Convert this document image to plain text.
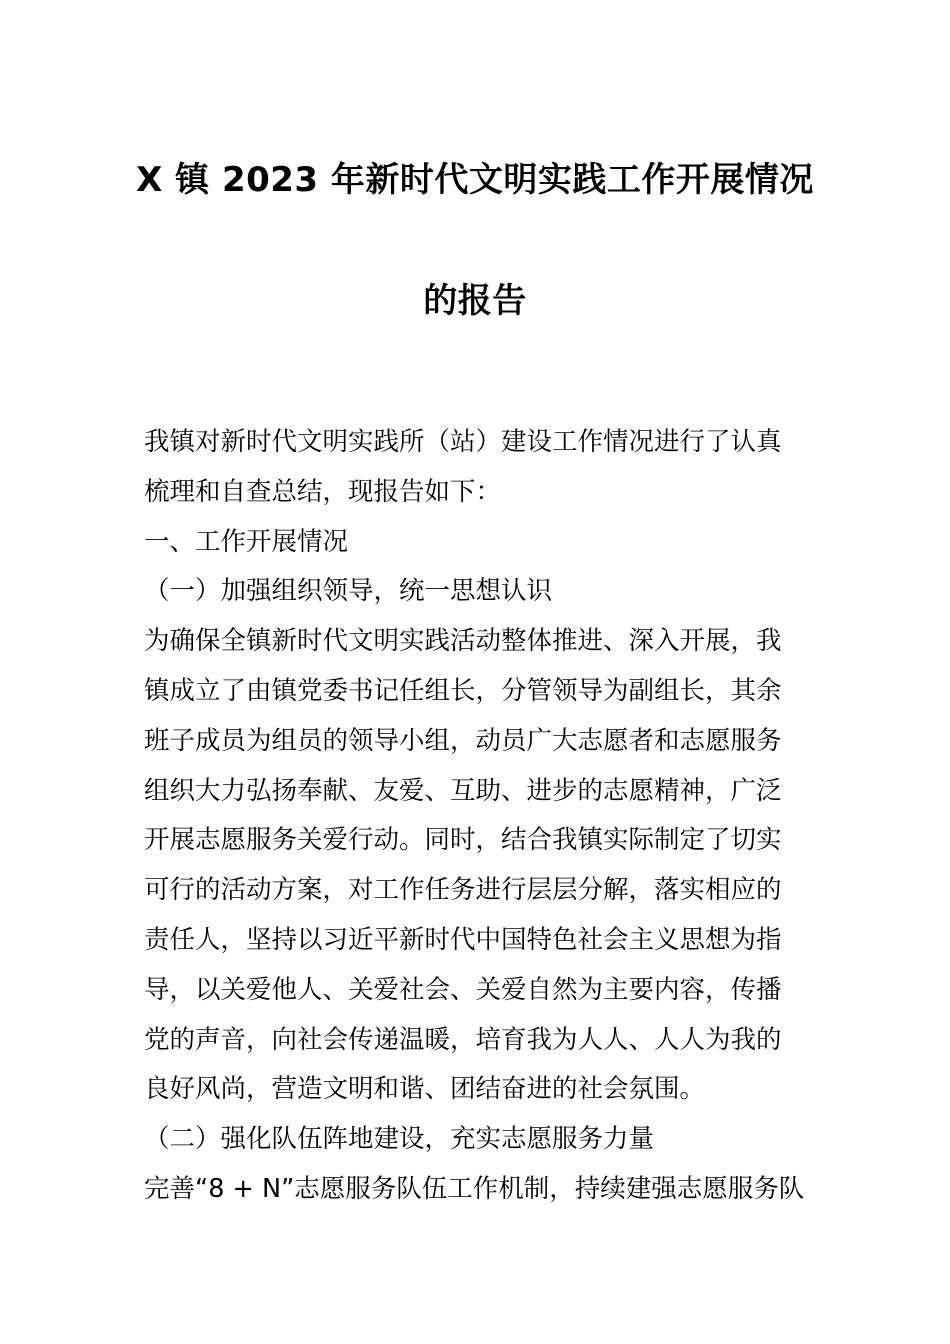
X 镇 2023 年新时代文明实践工作开展情况
的报告
我镇对新时代文明实践所（站）建设工作情况进行了认真
梳理和自查总结，现报告如下：
一、工作开展情况
（一）加强组织领导，统一思想认识
为确保全镇新时代文明实践活动整体推进、深入开展，我
镇成立了由镇党委书记任组长，分管领导为副组长，其余
班子成员为组员的领导小组，动员广大志愿者和志愿服务
组织大力弘扬奉献、友爱、互助、进步的志愿精神，广泛
开展志愿服务关爱行动。同时，结合我镇实际制定了切实
可行的活动方案，对工作任务进行层层分解，落实相应的
责任人，坚持以习近平新时代中国特色社会主义思想为指
导，以关爱他人、关爱社会、关爱自然为主要内容，传播
党的声音，向社会传递温暖，培育我为人人、人人为我的
良好风尚，营造文明和谐、团结奋进的社会氛围。
（二）强化队伍阵地建设，充实志愿服务力量
完善“8 + N”志愿服务队伍工作机制，持续建强志愿服务队
